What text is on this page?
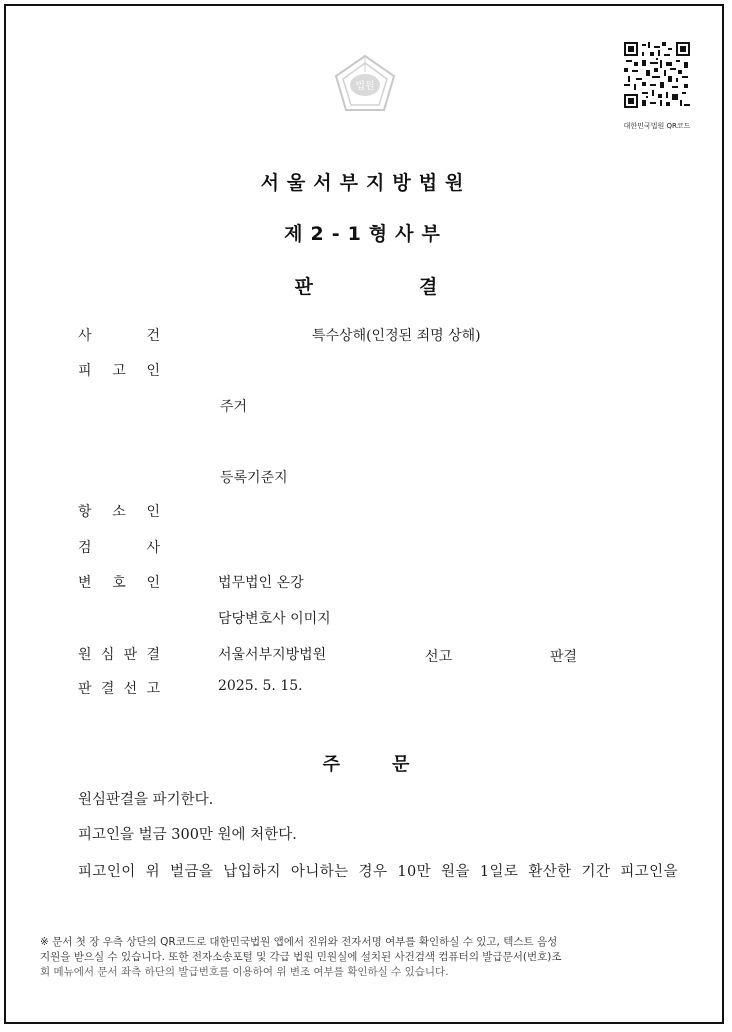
법원
대한민국법원 QR코드
서울서부지방법원
제2-1형사부
판결
사	건	특수상해(인정된 죄명 상해)
피 고 인
주거
등록기준지
항 소 인
검	사
변 호 인	법무법인 온강
담당변호사 이미지
원 심 판 결	서울서부지방법원	선고	판결
판 결 선 고	2025. 5. 15.
주문
원심판결을 파기한다.
피고인을 벌금 300만 원에 처한다.
피고인이 위 벌금을 납입하지 아니하는 경우 10만 원을 1일로 환산한 기간 피고인을
※ 문서 첫 장 우측 상단의 QR코드로 대한민국법원 앱에서 진위와 전자서명 여부를 확인하실 수 있고, 텍스트 음성
지원을 받으실 수 있습니다. 또한 전자소송포털 및 각급 법원 민원실에 설치된 사건검색 컴퓨터의 발급문서(번호)조
회 메뉴에서 문서 좌측 하단의 발급번호를 이용하여 위 변조 여부를 확인하실 수 있습니다.
